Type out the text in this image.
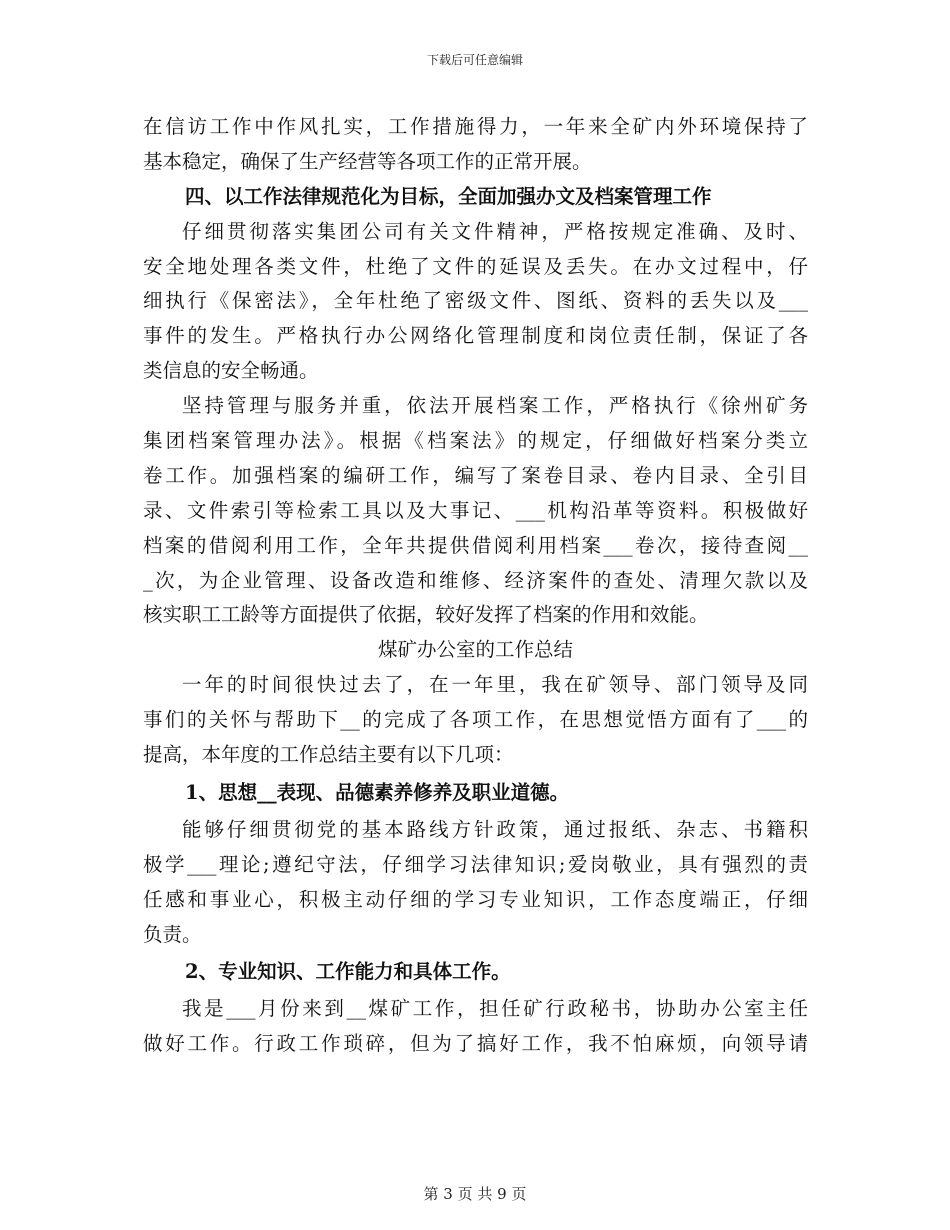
下载后可任意编辑
在信访工作中作风扎实，工作措施得力，一年来全矿内外环境保持了
基本稳定，确保了生产经营等各项工作的正常开展。
四、以工作法律规范化为目标，全面加强办文及档案管理工作
仔细贯彻落实集团公司有关文件精神，严格按规定准确、及时、
安全地处理各类文件，杜绝了文件的延误及丢失。在办文过程中，仔
细执行《保密法》，全年杜绝了密级文件、图纸、资料的丢失以及___
事件的发生。严格执行办公网络化管理制度和岗位责任制，保证了各
类信息的安全畅通。
坚持管理与服务并重，依法开展档案工作，严格执行《徐州矿务
集团档案管理办法》。根据《档案法》的规定，仔细做好档案分类立
卷工作。加强档案的编研工作，编写了案卷目录、卷内目录、全引目
录、文件索引等检索工具以及大事记、___机构沿革等资料。积极做好
档案的借阅利用工作，全年共提供借阅利用档案___卷次，接待查阅__
_次，为企业管理、设备改造和维修、经济案件的查处、清理欠款以及
核实职工工龄等方面提供了依据，较好发挥了档案的作用和效能。
煤矿办公室的工作总结
一年的时间很快过去了，在一年里，我在矿领导、部门领导及同
事们的关怀与帮助下__的完成了各项工作，在思想觉悟方面有了___的
提高，本年度的工作总结主要有以下几项：
1、思想__表现、品德素养修养及职业道德。
能够仔细贯彻党的基本路线方针政策，通过报纸、杂志、书籍积
极学___理论;遵纪守法，仔细学习法律知识;爱岗敬业，具有强烈的责
任感和事业心，积极主动仔细的学习专业知识，工作态度端正，仔细
负责。
2、专业知识、工作能力和具体工作。
我是___月份来到__煤矿工作，担任矿行政秘书，协助办公室主任
做好工作。行政工作琐碎，但为了搞好工作，我不怕麻烦，向领导请
第 3 页 共 9 页
